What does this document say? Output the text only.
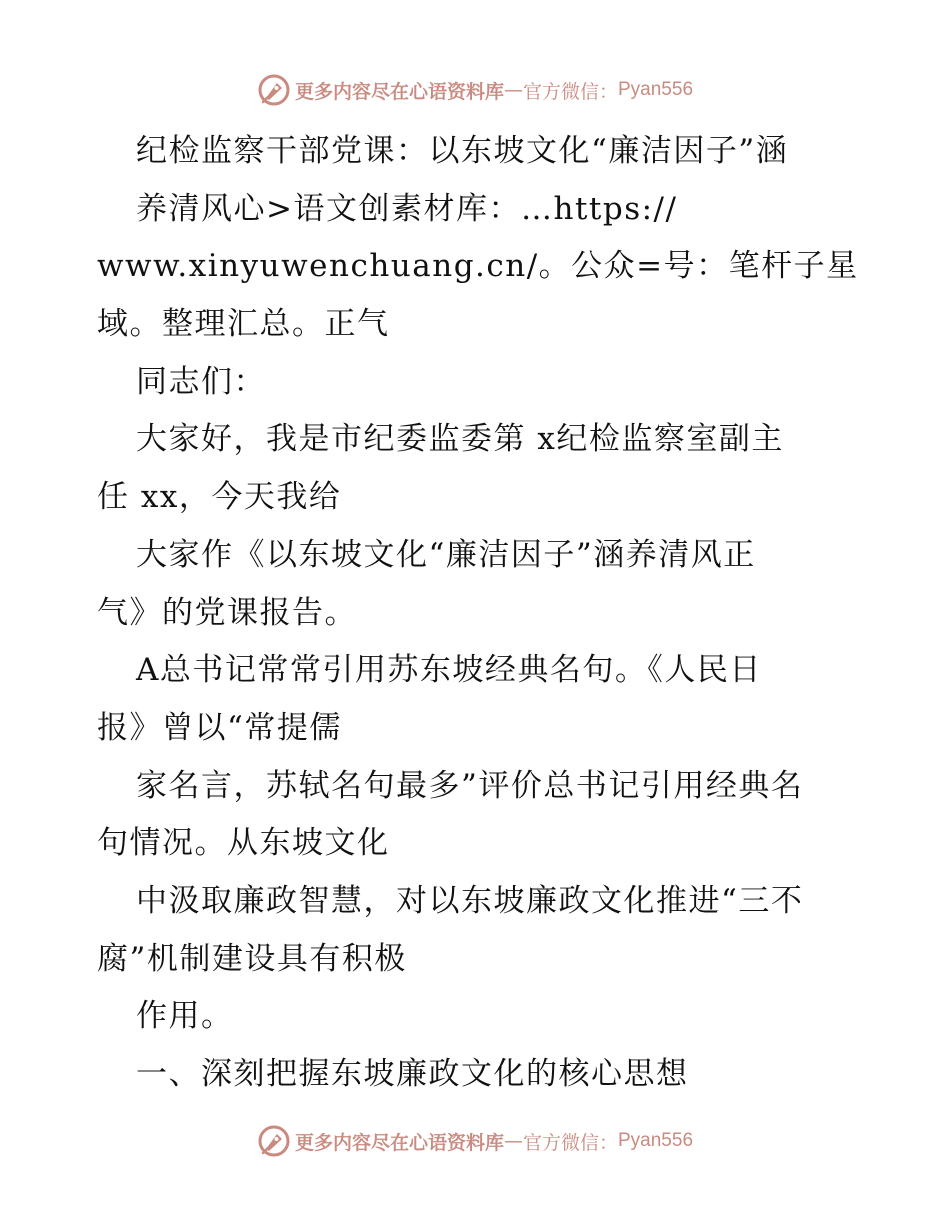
更多内容尽在心语资料库 — 官方微信： Pyan556
纪检监察干部党课：以东坡文化“廉洁因子”涵
养清风心>语文创素材库：…https://
www.xinyuwenchuang.cn/。公众=号：笔杆子星
域。整理汇总。正气
同志们：
大家好，我是市纪委监委第 x纪检监察室副主
任 xx，今天我给
大家作《以东坡文化“廉洁因子”涵养清风正
气》的党课报告。
A总书记常常引用苏东坡经典名句。《人民日
报》曾以“常提儒
家名言，苏轼名句最多”评价总书记引用经典名
句情况。从东坡文化
中汲取廉政智慧，对以东坡廉政文化推进“三不
腐”机制建设具有积极
作用。
一、深刻把握东坡廉政文化的核心思想
更多内容尽在心语资料库 — 官方微信： Pyan556
